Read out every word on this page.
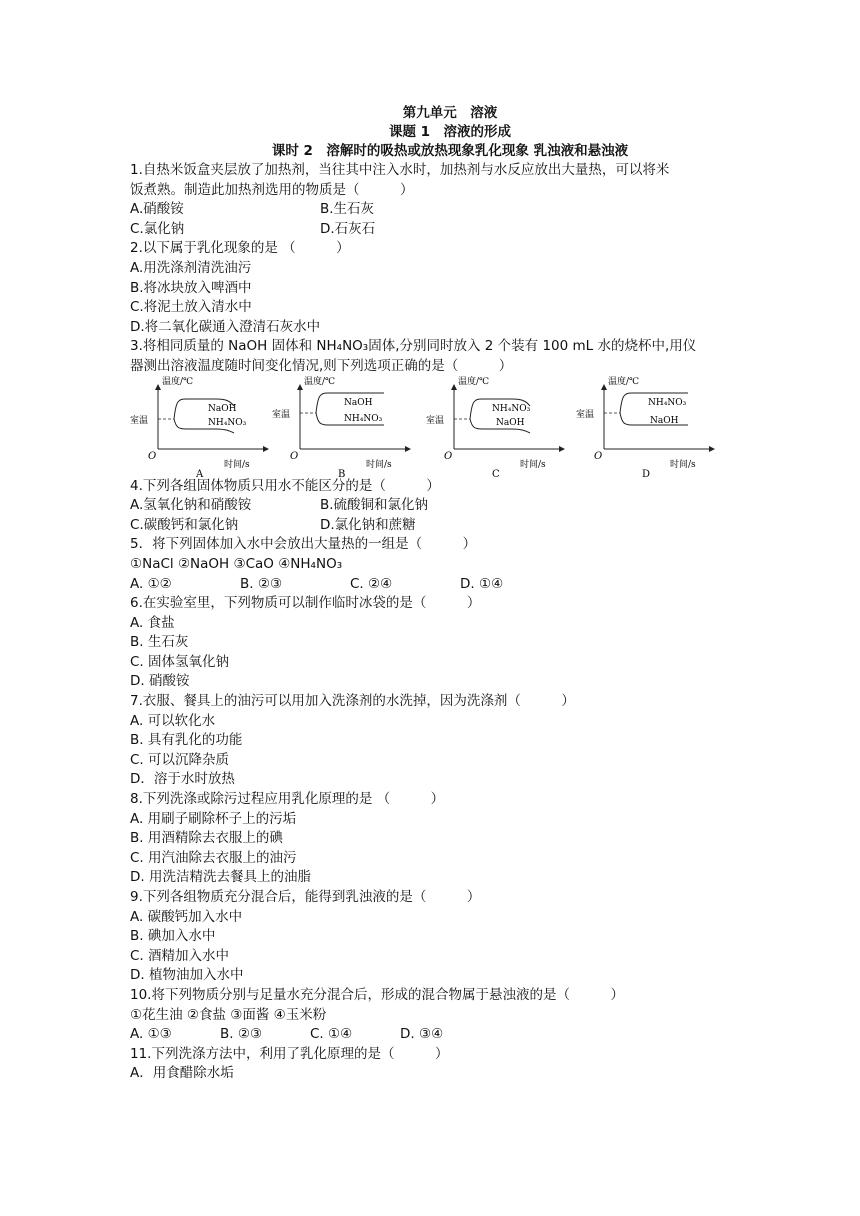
第九单元　溶液
课题 1　溶液的形成
课时 2　溶解时的吸热或放热现象乳化现象 乳浊液和悬浊液
1.自热米饭盒夹层放了加热剂，当往其中注入水时，加热剂与水反应放出大量热，可以将米
饭煮熟。制造此加热剂选用的物质是（　　　）
A.硝酸铵	B.生石灰
C.氯化钠	D.石灰石
2.以下属于乳化现象的是 （　　　）
A.用洗涤剂清洗油污
B.将冰块放入啤酒中
C.将泥土放入清水中
D.将二氧化碳通入澄清石灰水中
3.将相同质量的 NaOH 固体和 NH₄NO₃固体,分别同时放入 2 个装有 100 mL 水的烧杯中,用仪
器测出溶液温度随时间变化情况,则下列选项正确的是（　　　）
温度/℃
室温
O
时间/s
NaOH
NH₄NO₃
A
温度/℃
室温
O
时间/s
NaOH
NH₄NO₃
B
温度/℃
室温
O
时间/s
NH₄NO₃
NaOH
C
温度/℃
室温
O
时间/s
NH₄NO₃
NaOH
D
4.下列各组固体物质只用水不能区分的是（　　　）
A.氢氧化钠和硝酸铵	B.硫酸铜和氯化钠
C.碳酸钙和氯化钠	D.氯化钠和蔗糖
5．将下列固体加入水中会放出大量热的一组是（　　　）
①NaCl ②NaOH ③CaO ④NH₄NO₃
A. ①②	B. ②③	C. ②④	D. ①④
6.在实验室里，下列物质可以制作临时冰袋的是（　　　）
A. 食盐
B. 生石灰
C. 固体氢氧化钠
D. 硝酸铵
7.衣服、餐具上的油污可以用加入洗涤剂的水洗掉，因为洗涤剂（　　　）
A. 可以软化水
B. 具有乳化的功能
C. 可以沉降杂质
D．溶于水时放热
8.下列洗涤或除污过程应用乳化原理的是 （　　　）
A. 用刷子刷除杯子上的污垢
B. 用酒精除去衣服上的碘
C. 用汽油除去衣服上的油污
D. 用洗洁精洗去餐具上的油脂
9.下列各组物质充分混合后，能得到乳浊液的是（　　　）
A. 碳酸钙加入水中
B. 碘加入水中
C. 酒精加入水中
D. 植物油加入水中
10.将下列物质分别与足量水充分混合后，形成的混合物属于悬浊液的是（　　　）
①花生油 ②食盐 ③面酱 ④玉米粉
A. ①③	B. ②③	C. ①④	D. ③④
11.下列洗涤方法中，利用了乳化原理的是（　　　）
A．用食醋除水垢
